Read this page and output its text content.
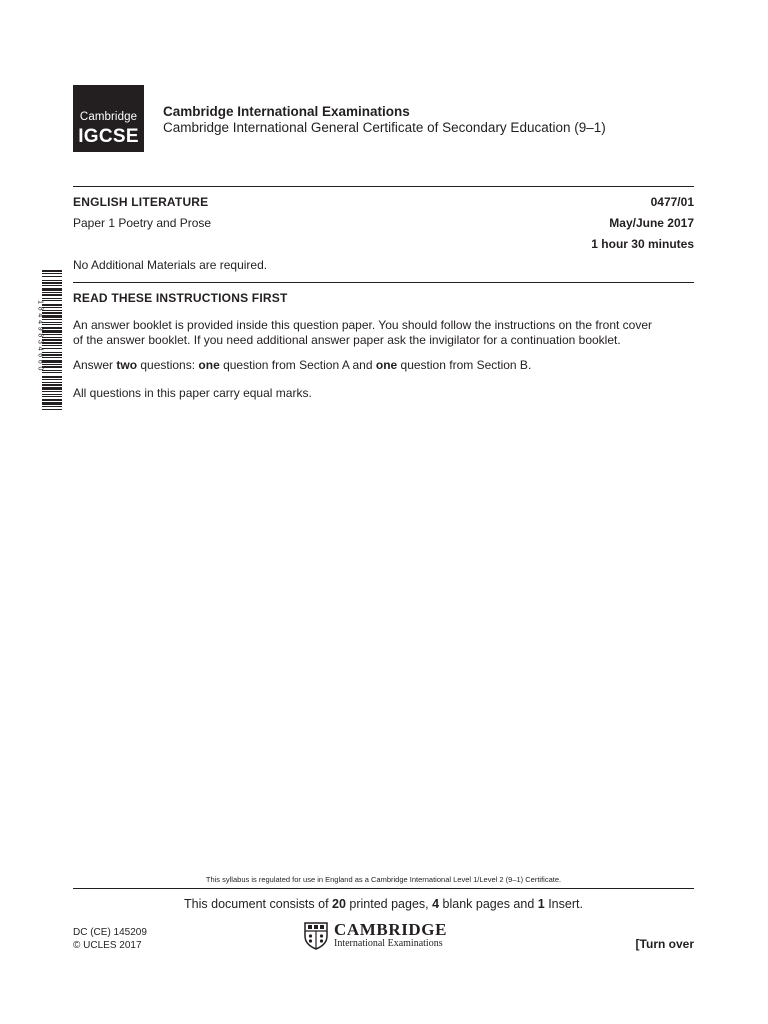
Cambridge
IGCSE
Cambridge International Examinations
Cambridge International General Certificate of Secondary Education (9–1)
ENGLISH LITERATURE	0477/01
Paper 1 Poetry and Prose	May/June 2017
1 hour 30 minutes
No Additional Materials are required.
1 8 4 4 9 8 3 4 6 6 0
READ THESE INSTRUCTIONS FIRST
An answer booklet is provided inside this question paper. You should follow the instructions on the front cover
of the answer booklet. If you need additional answer paper ask the invigilator for a continuation booklet.
Answer two questions: one question from Section A and one question from Section B.
All questions in this paper carry equal marks.
This syllabus is regulated for use in England as a Cambridge International Level 1/Level 2 (9–1) Certificate.
This document consists of 20 printed pages, 4 blank pages and 1 Insert.
DC (CE) 145209
© UCLES 2017
CAMBRIDGE
International Examinations	[Turn over
